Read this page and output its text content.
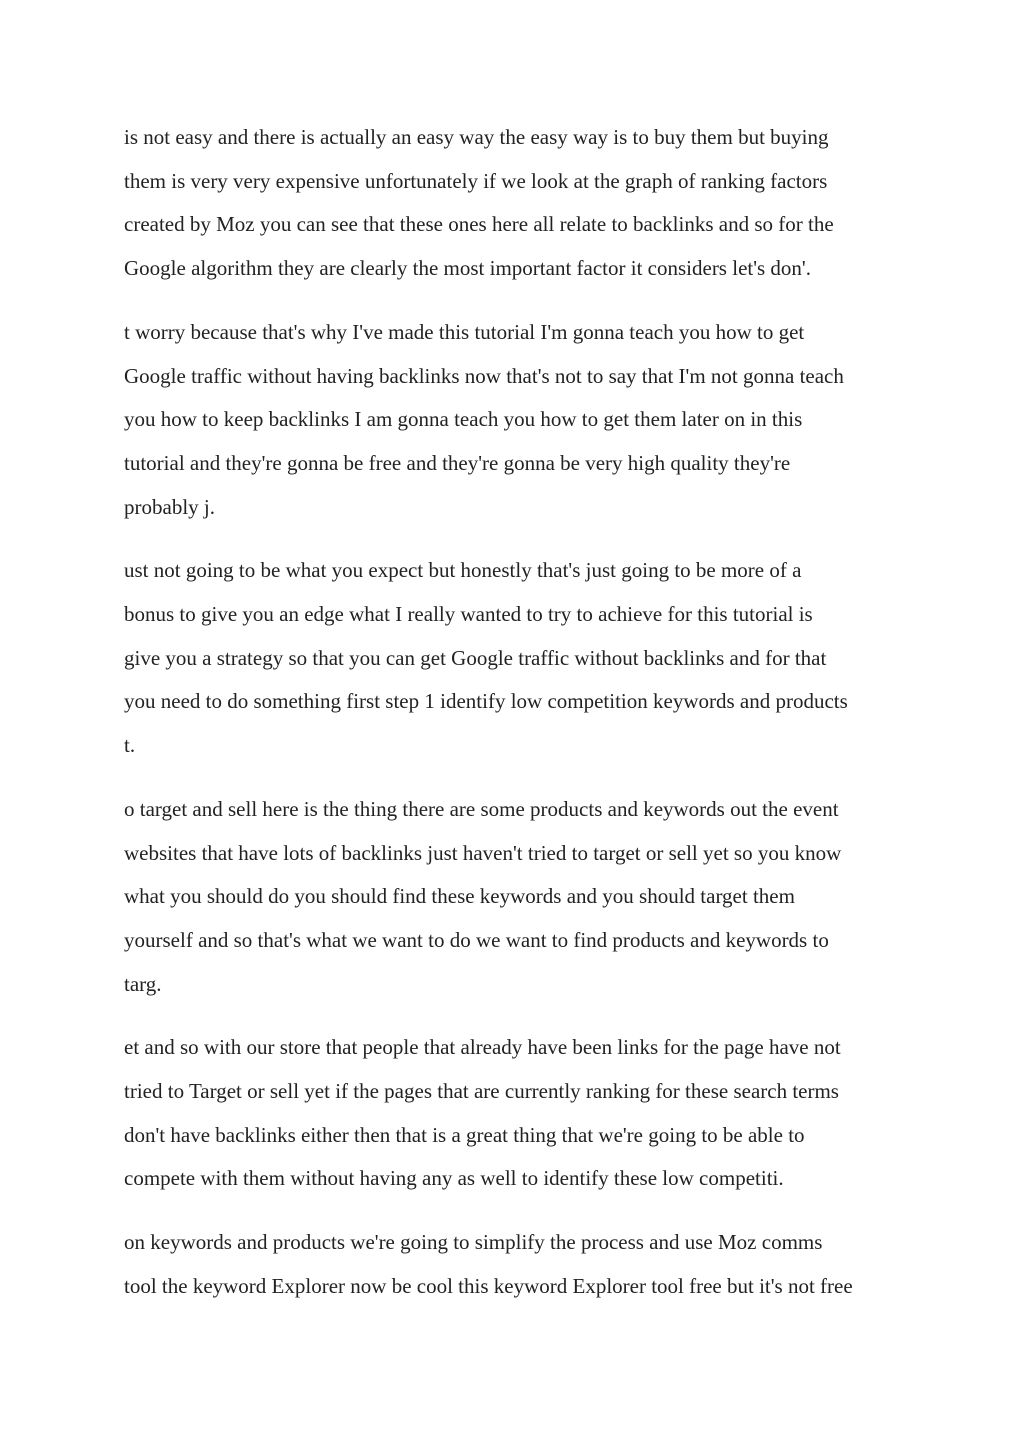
is not easy and there is actually an easy way the easy way is to buy them but buying
them is very very expensive unfortunately if we look at the graph of ranking factors
created by Moz you can see that these ones here all relate to backlinks and so for the
Google algorithm they are clearly the most important factor it considers let's don'.

t worry because that's why I've made this tutorial I'm gonna teach you how to get
Google traffic without having backlinks now that's not to say that I'm not gonna teach
you how to keep backlinks I am gonna teach you how to get them later on in this
tutorial and they're gonna be free and they're gonna be very high quality they're
probably j.

ust not going to be what you expect but honestly that's just going to be more of a
bonus to give you an edge what I really wanted to try to achieve for this tutorial is
give you a strategy so that you can get Google traffic without backlinks and for that
you need to do something first step 1 identify low competition keywords and products
t.

o target and sell here is the thing there are some products and keywords out the event
websites that have lots of backlinks just haven't tried to target or sell yet so you know
what you should do you should find these keywords and you should target them
yourself and so that's what we want to do we want to find products and keywords to
targ.

et and so with our store that people that already have been links for the page have not
tried to Target or sell yet if the pages that are currently ranking for these search terms
don't have backlinks either then that is a great thing that we're going to be able to
compete with them without having any as well to identify these low competiti.

on keywords and products we're going to simplify the process and use Moz comms
tool the keyword Explorer now be cool this keyword Explorer tool free but it's not free
